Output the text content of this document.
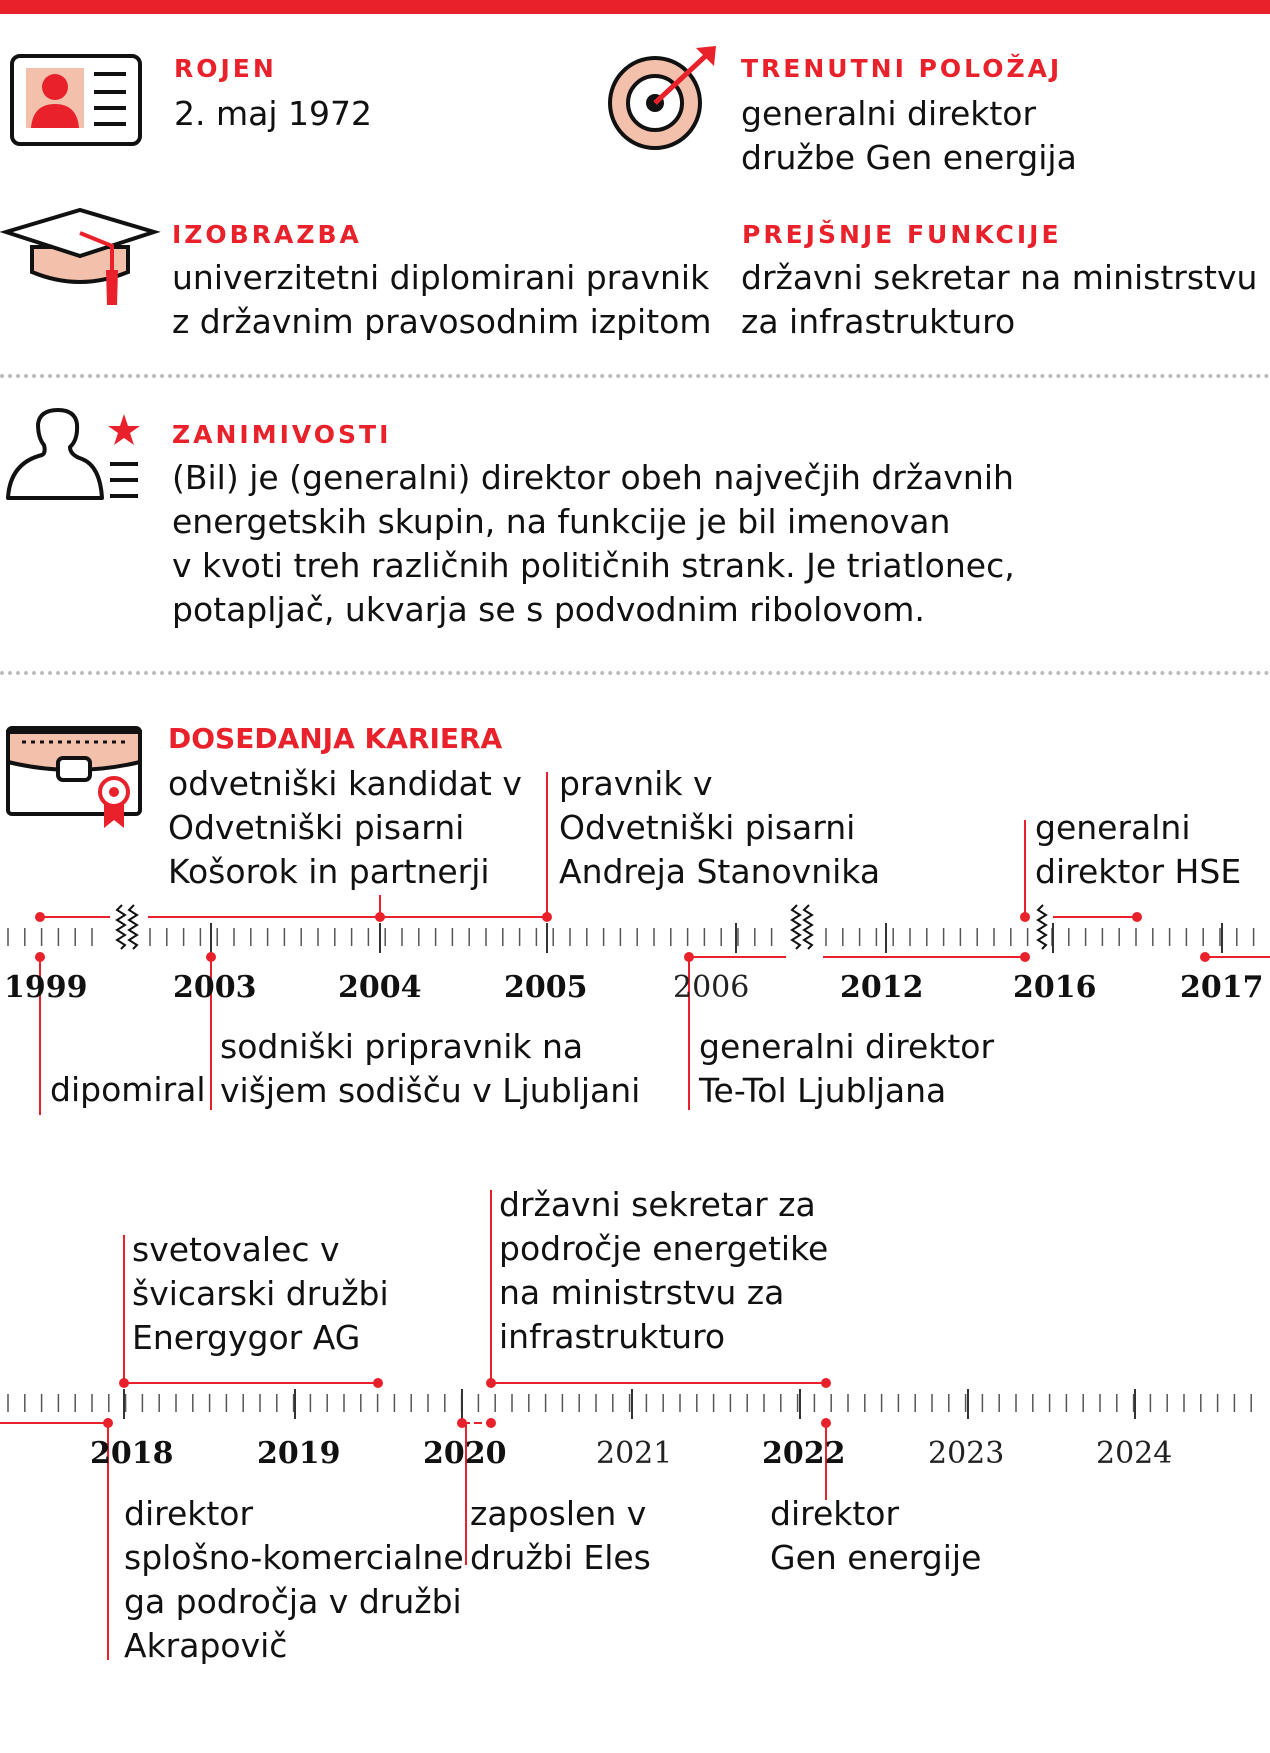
ROJEN
2. maj 1972
TRENUTNI POLOŽAJ
generalni direktor
družbe Gen energija
IZOBRAZBA
univerzitetni diplomirani pravnik
z državnim pravosodnim izpitom
PREJŠNJE FUNKCIJE
državni sekretar na ministrstvu
za infrastrukturo
ZANIMIVOSTI
(Bil) je (generalni) direktor obeh največjih državnih
energetskih skupin, na funkcije je bil imenovan
v kvoti treh različnih političnih strank. Je triatlonec,
potapljač, ukvarja se s podvodnim ribolovom.
DOSEDANJA KARIERA
1999	2003	2004	2005	2006	2012	2016	2017
odvetniški kandidat v
Odvetniški pisarni
Košorok in partnerji
pravnik v
Odvetniški pisarni
Andreja Stanovnika
generalni
direktor HSE
dipomiral
sodniški pripravnik na
višjem sodišču v Ljubljani
generalni direktor
Te-Tol Ljubljana
2018	2019	2020	2021	2022	2023	2024
svetovalec v
švicarski družbi
Energygor AG
državni sekretar za
področje energetike
na ministrstvu za
infrastrukturo
direktor
splošno-komercialne
ga področja v družbi
Akrapovič
zaposlen v
družbi Eles
direktor
Gen energije
